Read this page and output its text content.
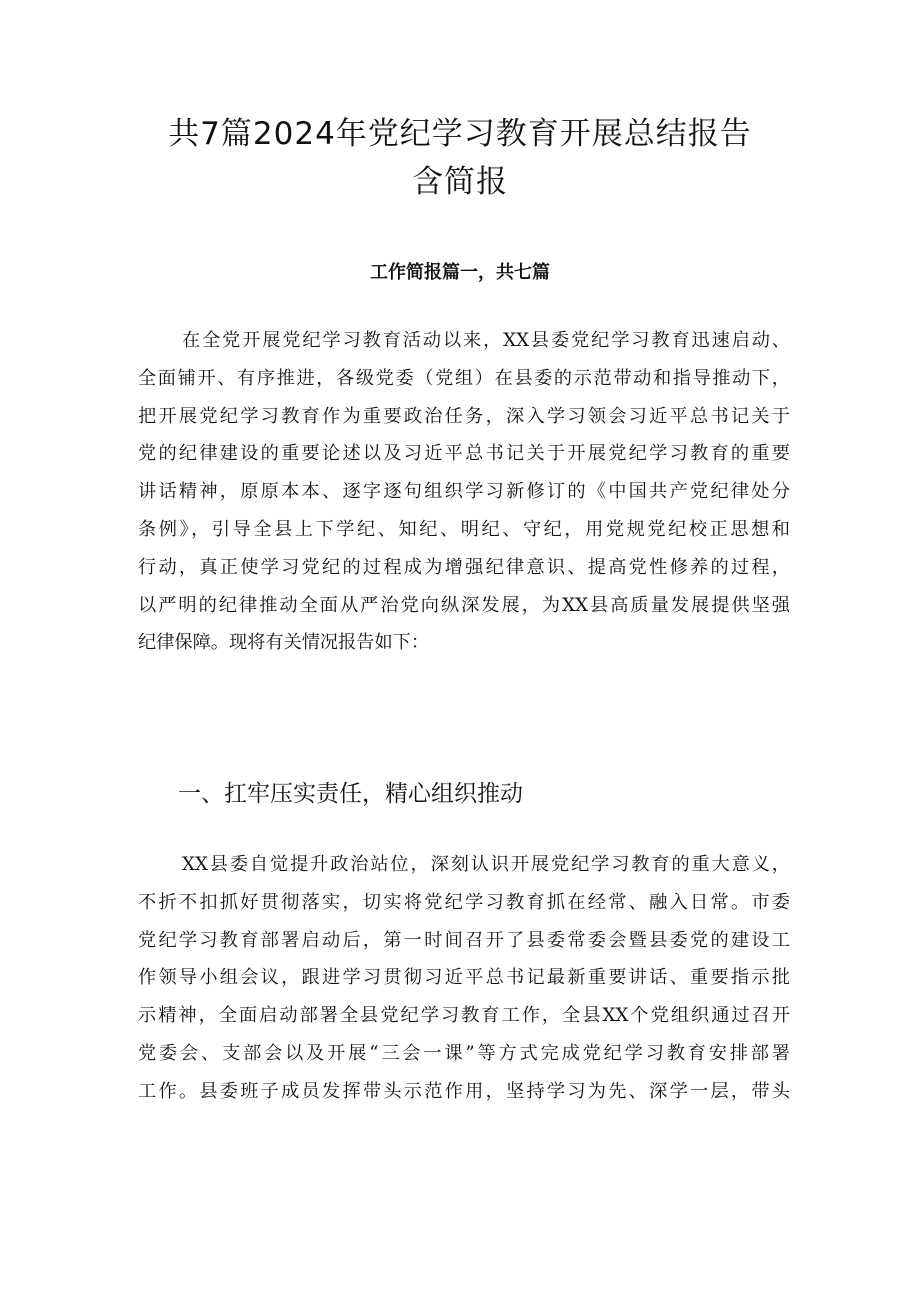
共7篇2024年党纪学习教育开展总结报告
含简报
工作简报篇一，共七篇
在全党开展党纪学习教育活动以来，XX县委党纪学习教育迅速启动、
全面铺开、有序推进，各级党委（党组）在县委的示范带动和指导推动下，
把开展党纪学习教育作为重要政治任务，深入学习领会习近平总书记关于
党的纪律建设的重要论述以及习近平总书记关于开展党纪学习教育的重要
讲话精神，原原本本、逐字逐句组织学习新修订的《中国共产党纪律处分
条例》，引导全县上下学纪、知纪、明纪、守纪，用党规党纪校正思想和
行动，真正使学习党纪的过程成为增强纪律意识、提高党性修养的过程，
以严明的纪律推动全面从严治党向纵深发展，为XX县高质量发展提供坚强
纪律保障。现将有关情况报告如下：
一、扛牢压实责任，精心组织推动
XX县委自觉提升政治站位，深刻认识开展党纪学习教育的重大意义，
不折不扣抓好贯彻落实，切实将党纪学习教育抓在经常、融入日常。市委
党纪学习教育部署启动后，第一时间召开了县委常委会暨县委党的建设工
作领导小组会议，跟进学习贯彻习近平总书记最新重要讲话、重要指示批
示精神，全面启动部署全县党纪学习教育工作，全县XX个党组织通过召开
党委会、支部会以及开展“三会一课”等方式完成党纪学习教育安排部署
工作。县委班子成员发挥带头示范作用，坚持学习为先、深学一层，带头
